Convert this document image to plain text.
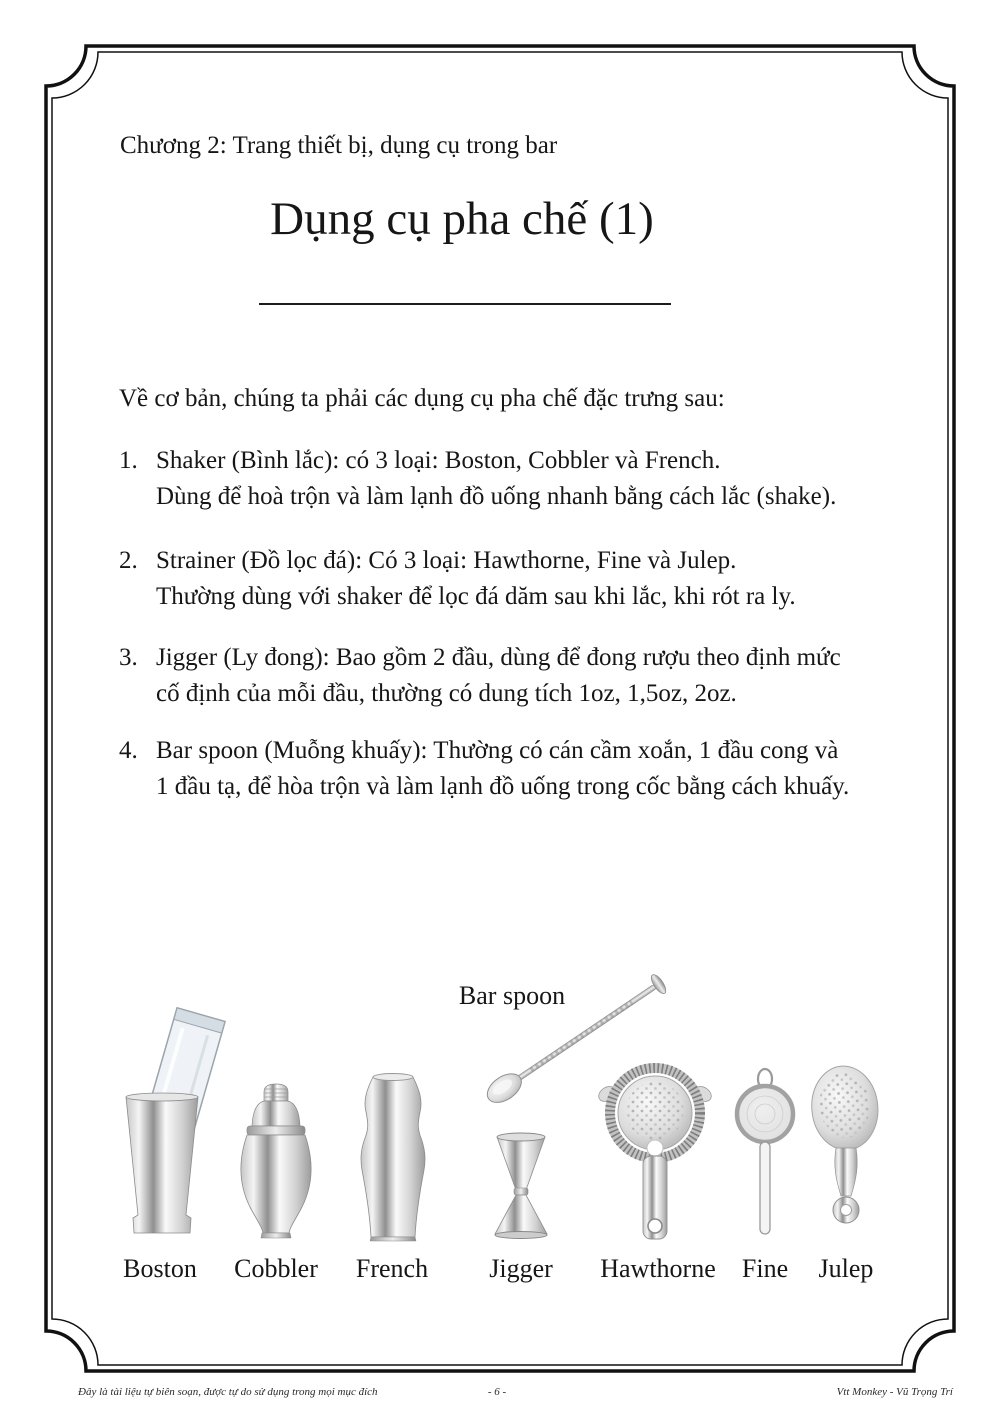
Chương 2: Trang thiết bị, dụng cụ trong bar
Dụng cụ pha chế (1)
Về cơ bản, chúng ta phải các dụng cụ pha chế đặc trưng sau:
1. Shaker (Bình lắc): có 3 loại: Boston, Cobbler và French.
Dùng để hoà trộn và làm lạnh đồ uống nhanh bằng cách lắc (shake).
2. Strainer (Đồ lọc đá): Có 3 loại: Hawthorne, Fine và Julep.
Thường dùng với shaker để lọc đá dăm sau khi lắc, khi rót ra ly.
3. Jigger (Ly đong): Bao gồm 2 đầu, dùng để đong rượu theo định mức
cố định của mỗi đầu, thường có dung tích 1oz, 1,5oz, 2oz.
4. Bar spoon (Muỗng khuấy): Thường có cán cầm xoắn, 1 đầu cong và
1 đầu tạ, để hòa trộn và làm lạnh đồ uống trong cốc bằng cách khuấy.
Bar spoon
Boston Cobbler French Jigger Hawthorne Fine Julep
Đây là tài liệu tự biên soạn, được tự do sử dụng trong mọi mục đích	- 6 -	Vtt Monkey - Vũ Trọng Trí
